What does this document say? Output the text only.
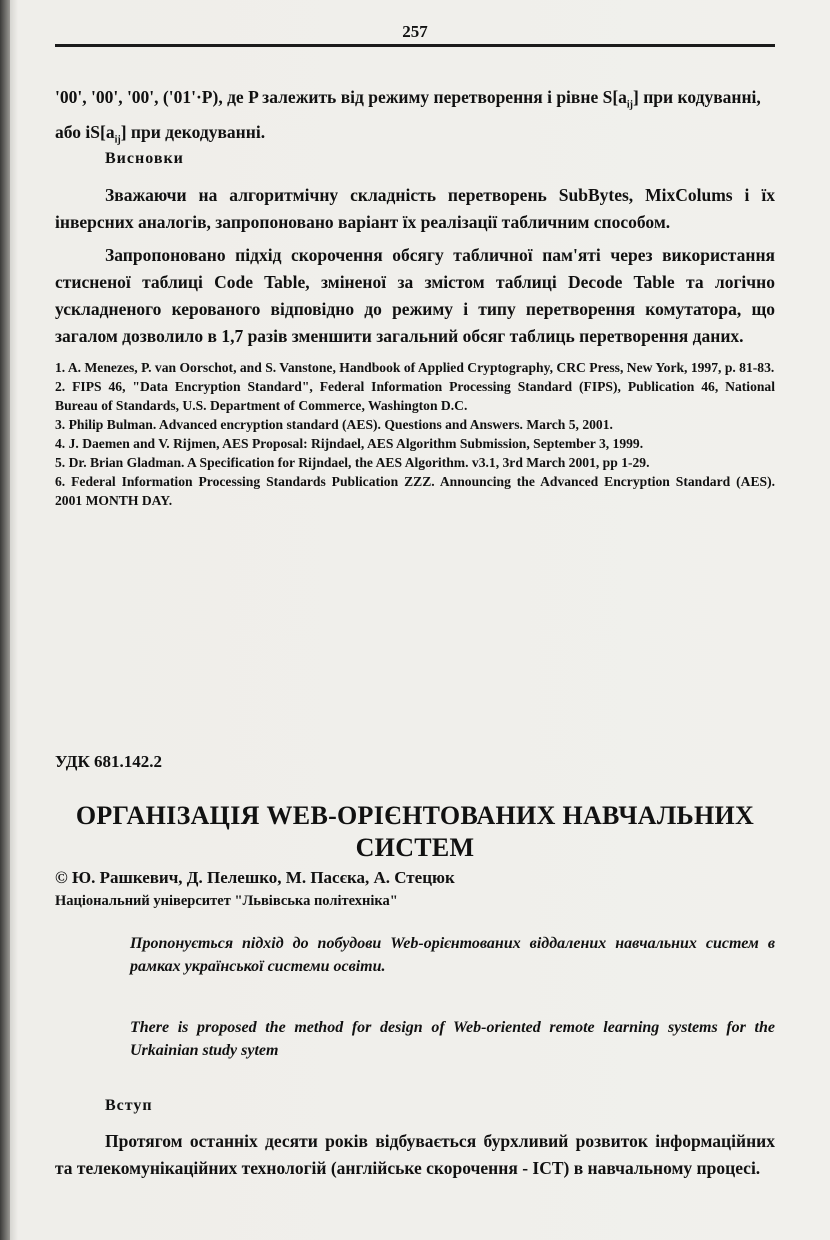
257

'00', '00', '00', ('01'·P), де P залежить від режиму перетворення і рівне $S[a_{ij}]$ при кодуванні,
або $iS[a_{ij}]$ при декодуванні.

Висновки

Зважаючи на алгоритмічну складність перетворень SubBytes, MixColums і їх інверсних аналогів, запропоновано варіант їх реалізації табличним способом.

Запропоновано підхід скорочення обсягу табличної пам'яті через використання стисненої таблиці Code Table, зміненої за змістом таблиці Decode Table та логічно ускладненого керованого відповідно до режиму і типу перетворення комутатора, що загалом дозволило в 1,7 разів зменшити загальний обсяг таблиць перетворення даних.

1. A. Menezes, P. van Oorschot, and S. Vanstone, Handbook of Applied Cryptography, CRC Press, New York, 1997, p. 81-83.
2. FIPS 46, "Data Encryption Standard", Federal Information Processing Standard (FIPS), Publication 46, National Bureau of Standards, U.S. Department of Commerce, Washington D.C.
3. Philip Bulman. Advanced encryption standard (AES). Questions and Answers. March 5, 2001.
4. J. Daemen and V. Rijmen, AES Proposal: Rijndael, AES Algorithm Submission, September 3, 1999.
5. Dr. Brian Gladman. A Specification for Rijndael, the AES Algorithm. v3.1, 3rd March 2001, pp 1-29.
6. Federal Information Processing Standards Publication ZZZ. Announcing the Advanced Encryption Standard (AES). 2001 MONTH DAY.
УДК 681.142.2
ОРГАНІЗАЦІЯ WEB-ОРІЄНТОВАНИХ НАВЧАЛЬНИХ
СИСТЕМ
© Ю. Рашкевич, Д. Пелешко, М. Пасєка, А. Стецюк
Національний університет "Львівська політехніка"
Пропонується підхід до побудови Web-орієнтованих віддалених навчальних систем в рамках української системи освіти.
There is proposed the method for design of Web-oriented remote learning systems for the Urkainian study sytem
Вступ

Протягом останніх десяти років відбувається бурхливий розвиток інформаційних та телекомунікаційних технологій (англійське скорочення - ICT) в навчальному процесі.
